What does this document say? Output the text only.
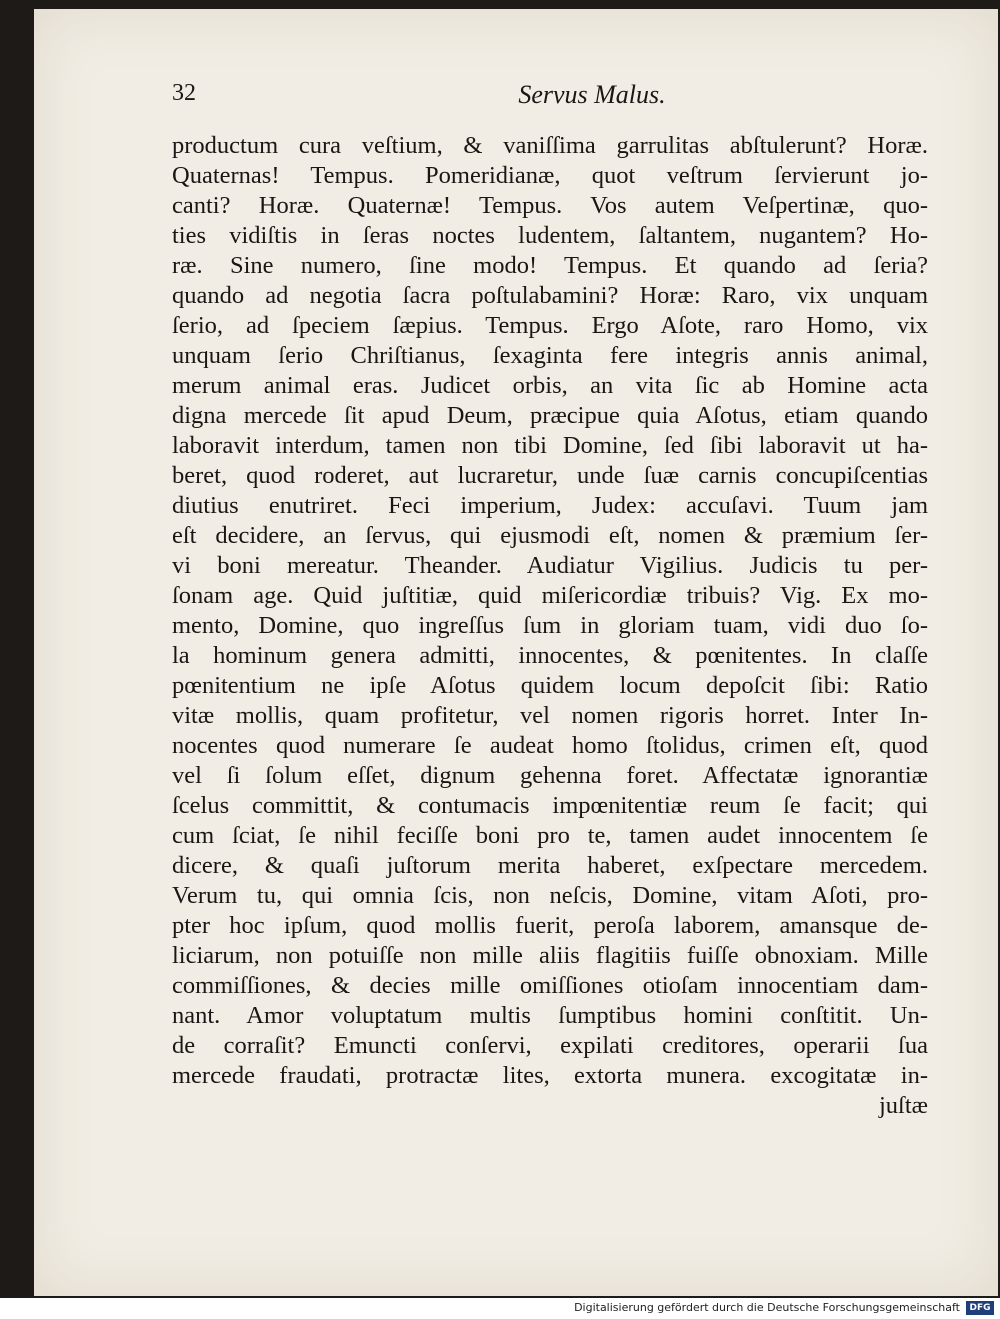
32	Servus Malus.
productum cura veſtium, & vaniſſima garrulitas abſtulerunt? Horæ.
Quaternas! Tempus. Pomeridianæ, quot veſtrum ſervierunt jo-
canti? Horæ. Quaternæ! Tempus. Vos autem Veſpertinæ, quo-
ties vidiſtis in ſeras noctes ludentem, ſaltantem, nugantem? Ho-
ræ. Sine numero, ſine modo! Tempus. Et quando ad ſeria?
quando ad negotia ſacra poſtulabamini? Horæ: Raro, vix unquam
ſerio, ad ſpeciem ſæpius. Tempus. Ergo Aſote, raro Homo, vix
unquam ſerio Chriſtianus, ſexaginta fere integris annis animal,
merum animal eras. Judicet orbis, an vita ſic ab Homine acta
digna mercede ſit apud Deum, præcipue quia Aſotus, etiam quando
laboravit interdum, tamen non tibi Domine, ſed ſibi laboravit ut ha-
beret, quod roderet, aut lucraretur, unde ſuæ carnis concupiſcentias
diutius enutriret. Feci imperium, Judex: accuſavi. Tuum jam
eſt decidere, an ſervus, qui ejusmodi eſt, nomen & præmium ſer-
vi boni mereatur. Theander. Audiatur Vigilius. Judicis tu per-
ſonam age. Quid juſtitiæ, quid miſericordiæ tribuis? Vig. Ex mo-
mento, Domine, quo ingreſſus ſum in gloriam tuam, vidi duo ſo-
la hominum genera admitti, innocentes, & pœnitentes. In claſſe
pœnitentium ne ipſe Aſotus quidem locum depoſcit ſibi: Ratio
vitæ mollis, quam profitetur, vel nomen rigoris horret. Inter In-
nocentes quod numerare ſe audeat homo ſtolidus, crimen eſt, quod
vel ſi ſolum eſſet, dignum gehenna foret. Affectatæ ignorantiæ
ſcelus committit, & contumacis impœnitentiæ reum ſe facit; qui
cum ſciat, ſe nihil feciſſe boni pro te, tamen audet innocentem ſe
dicere, & quaſi juſtorum merita haberet, exſpectare mercedem.
Verum tu, qui omnia ſcis, non neſcis, Domine, vitam Aſoti, pro-
pter hoc ipſum, quod mollis fuerit, peroſa laborem, amansque de-
liciarum, non potuiſſe non mille aliis flagitiis fuiſſe obnoxiam. Mille
commiſſiones, & decies mille omiſſiones otioſam innocentiam dam-
nant. Amor voluptatum multis ſumptibus homini conſtitit. Un-
de corraſit? Emuncti conſervi, expilati creditores, operarii ſua
mercede fraudati, protractæ lites, extorta munera. excogitatæ in-
juſtæ
Digitalisierung gefördert durch die Deutsche Forschungsgemeinschaft	DFG
